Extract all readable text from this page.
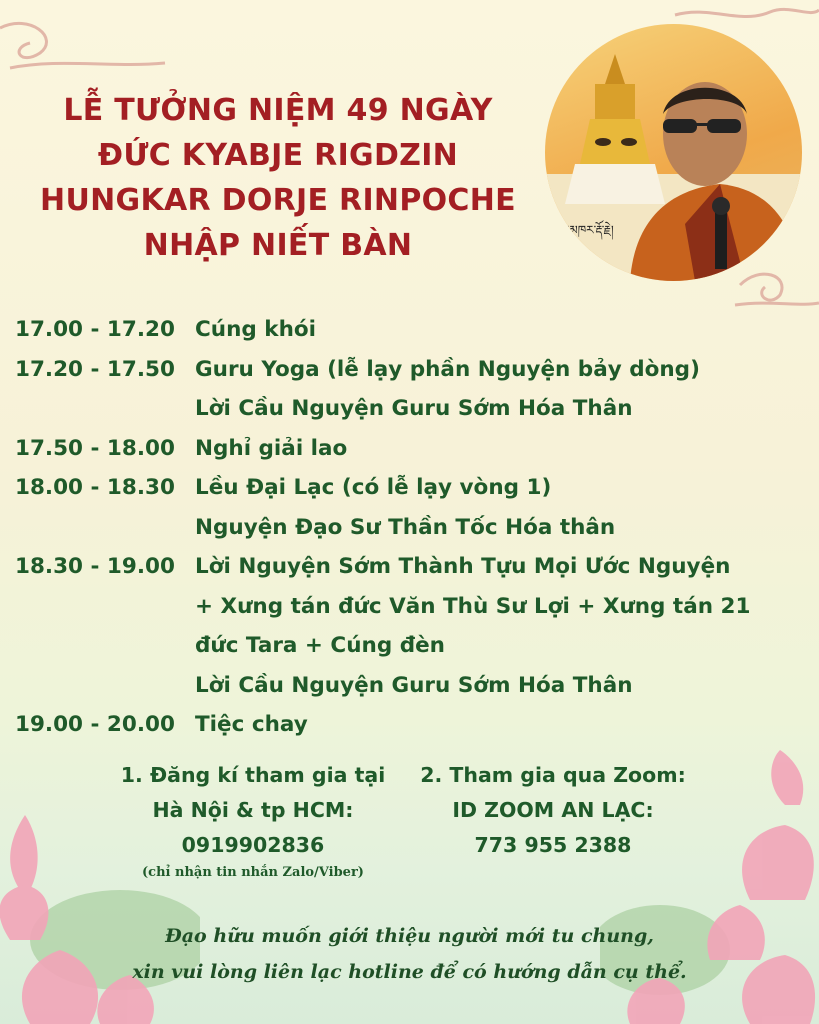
LỄ TƯỞNG NIỆM 49 NGÀY
ĐỨC KYABJE RIGDZIN
HUNGKAR DORJE RINPOCHE
NHẬP NIẾT BÀN	ཧཱུྃ་མཁར་རྡོ་རྗེ།
17.00 - 17.20 Cúng khói
17.20 - 17.50 Guru Yoga (lễ lạy phần Nguyện bảy dòng)
Lời Cầu Nguyện Guru Sớm Hóa Thân
17.50 - 18.00 Nghỉ giải lao
18.00 - 18.30 Lều Đại Lạc (có lễ lạy vòng 1)
Nguyện Đạo Sư Thần Tốc Hóa thân
18.30 - 19.00 Lời Nguyện Sớm Thành Tựu Mọi Ước Nguyện
+ Xưng tán đức Văn Thù Sư Lợi + Xưng tán 21
đức Tara + Cúng đèn
Lời Cầu Nguyện Guru Sớm Hóa Thân
19.00 - 20.00 Tiệc chay
1. Đăng kí tham gia tại
Hà Nội & tp HCM:
0919902836
(chỉ nhận tin nhắn Zalo/Viber)
2. Tham gia qua Zoom:
ID ZOOM AN LẠC:
773 955 2388
Đạo hữu muốn giới thiệu người mới tu chung,
xin vui lòng liên lạc hotline để có hướng dẫn cụ thể.
